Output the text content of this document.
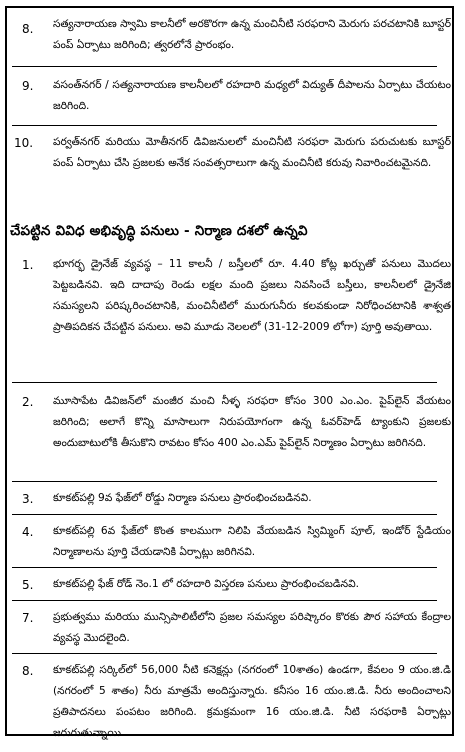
8. సత్యనారాయణ స్వామి కాలనీలో అరకొరగా ఉన్న మంచినీటి సరఫరాని మెరుగు పరచటానికి బూస్టర్ పంప్ ఏర్పాటు జరిగింది; త్వరలోనే ప్రారంభం.
9. వసంత్‌నగర్ / సత్యనారాయణ కాలనీలలో రహదారి మధ్యలో విద్యుత్ దీపాలను ఏర్పాటు చేయటం జరిగింది.
10. పర్వత్‌నగర్ మరియు మోతీనగర్ డివిజనులలో మంచినీటి సరఫరా మెరుగు పరుచుటకు బూస్టర్ పంప్ ఏర్పాటు చేసి ప్రజలకు అనేక సంవత్సరాలుగా ఉన్న మంచినీటి కరువు నివారించటమైనది.
చేపట్టిన వివిధ అభివృద్ధి పనులు - నిర్మాణ దశలో ఉన్నవి
1. భూగర్భ డ్రైనేజ్ వ్యవస్థ – 11 కాలనీ / బస్తీలలో రూ. 4.40 కోట్ల ఖర్చుతో పనులు మొదలు పెట్టబడినవి. ఇది దాదాపు రెండు లక్షల మంది ప్రజలు నివసించే బస్తీలు, కాలనీలలో డ్రైనేజి సమస్యలని పరిష్కరించటానికి, మంచినీటిలో మురుగునీరు కలవకుండా నిరోధించటానికి శాశ్వత ప్రాతిపదికన చేపట్టిన పనులు. అవి మూడు నెలలలో (31-12-2009 లోగా) పూర్తి అవుతాయి.
2. మూసాపేట డివిజన్‌లో మంజీర మంచి నీళ్ళ సరఫరా కోసం 300 ఎం.ఎం. పైప్‌లైన్ వేయటం జరిగింది; అలాగే కొన్ని మాసాలుగా నిరుపయోగంగా ఉన్న ఓవర్‌హెడ్ ట్యాంకుని ప్రజలకు అందుబాటులోకి తీసుకొని రావటం కోసం 400 ఎం.ఎమ్ పైప్‌లైన్ నిర్మాణం ఏర్పాటు జరిగినది.
3. కూకట్‌పల్లి 9వ ఫేజ్‌లో రోడ్డు నిర్మాణ పనులు ప్రారంభించబడినవి.
4. కూకట్‌పల్లి 6వ ఫేజ్‌లో కొంత కాలముగా నిలిపి వేయబడిన స్విమ్మింగ్ పూల్, ఇండోర్ స్టేడియం నిర్మాణాలను పూర్తి చేయడానికి ఏర్పాట్లు జరిగినవి.
5. కూకట్‌పల్లి ఫేజ్ రోడ్ నెం.1 లో రహదారి విస్తరణ పనులు ప్రారంభించబడినవి.
7. ప్రభుత్వము మరియు మున్సిపాలిటీలోని ప్రజల సమస్యల పరిష్కారం కొరకు పౌర సహాయ కేంద్రాల వ్యవస్థ మొదలైంది.
8. కూకట్‌పల్లి సర్కిల్‌లో 56,000 నీటి కనెక్షన్లు (నగరంలో 10శాతం) ఉండగా, కేవలం 9 యం.జి.డి (నగరంలో 5 శాతం) నీరు మాత్రమే అందిస్తున్నారు. కనీసం 16 యం.జి.డి. నీరు అందించాలని ప్రతిపాదనలు పంపటం జరిగింది. క్రమక్రమంగా 16 యం.జి.డి. నీటి సరఫరాకి ఏర్పాట్లు జరుగుతున్నాయి.
